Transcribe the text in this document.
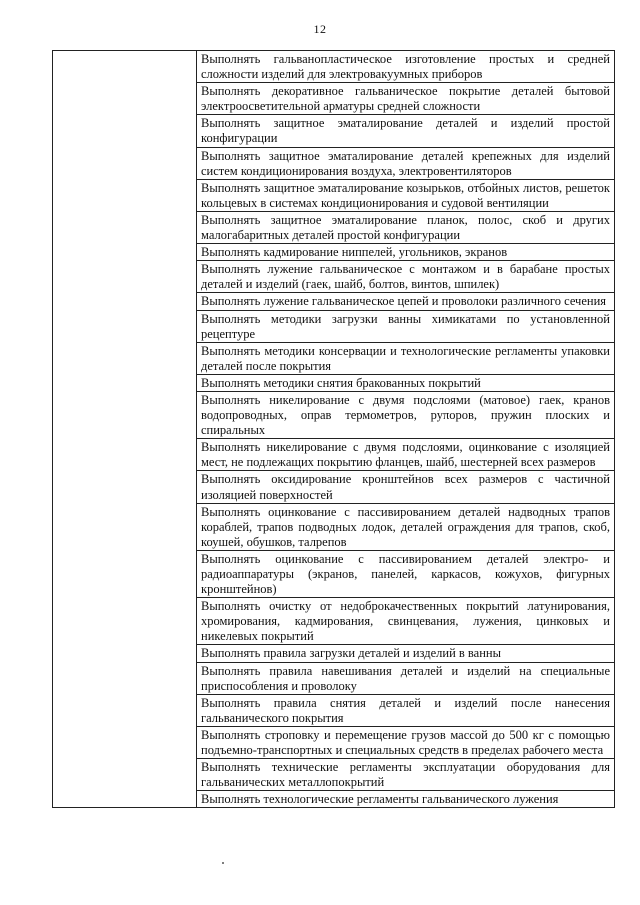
12

Выполнять гальванопластическое изготовление простых и средней сложности изделий для электровакуумных приборов

Выполнять декоративное гальваническое покрытие деталей бытовой электроосветительной арматуры средней сложности

Выполнять защитное эматалирование деталей и изделий простой конфигурации

Выполнять защитное эматалирование деталей крепежных для изделий систем кондиционирования воздуха, электровентиляторов

Выполнять защитное эматалирование козырьков, отбойных листов, решеток кольцевых в системах кондиционирования и судовой вентиляции

Выполнять защитное эматалирование планок, полос, скоб и других малогабаритных деталей простой конфигурации

Выполнять кадмирование ниппелей, угольников, экранов

Выполнять лужение гальваническое с монтажом и в барабане простых деталей и изделий (гаек, шайб, болтов, винтов, шпилек)

Выполнять лужение гальваническое цепей и проволоки различного сечения

Выполнять методики загрузки ванны химикатами по установленной рецептуре

Выполнять методики консервации и технологические регламенты упаковки деталей после покрытия

Выполнять методики снятия бракованных покрытий

Выполнять никелирование с двумя подслоями (матовое) гаек, кранов водопроводных, оправ термометров, руποров, пружин плоских и спиральных

Выполнять никелирование с двумя подслоями, оцинкование с изоляцией мест, не подлежащих покрытию фланцев, шайб, шестерней всех размеров

Выполнять оксидирование кронштейнов всех размеров с частичной изоляцией поверхностей

Выполнять оцинкование с пассивированием деталей надводных трапов кораблей, трапов подводных лодок, деталей ограждения для трапов, скоб, коушей, обушков, талрепов

Выполнять оцинкование с пассивированием деталей электро- и радиоаппаратуры (экранов, панелей, каркасов, кожухов, фигурных кронштейнов)

Выполнять очистку от недоброкачественных покрытий латунирования, хромирования, кадмирования, свинцевания, лужения, цинковых и никелевых покрытий

Выполнять правила загрузки деталей и изделий в ванны

Выполнять правила навешивания деталей и изделий на специальные приспособления и проволоку

Выполнять правила снятия деталей и изделий после нанесения гальванического покрытия

Выполнять строповку и перемещение грузов массой до 500 кг с помощью подъемно-транспортных и специальных средств в пределах рабочего места

Выполнять технические регламенты эксплуатации оборудования для гальванических металлопокрытий

Выполнять технологические регламенты гальванического лужения
